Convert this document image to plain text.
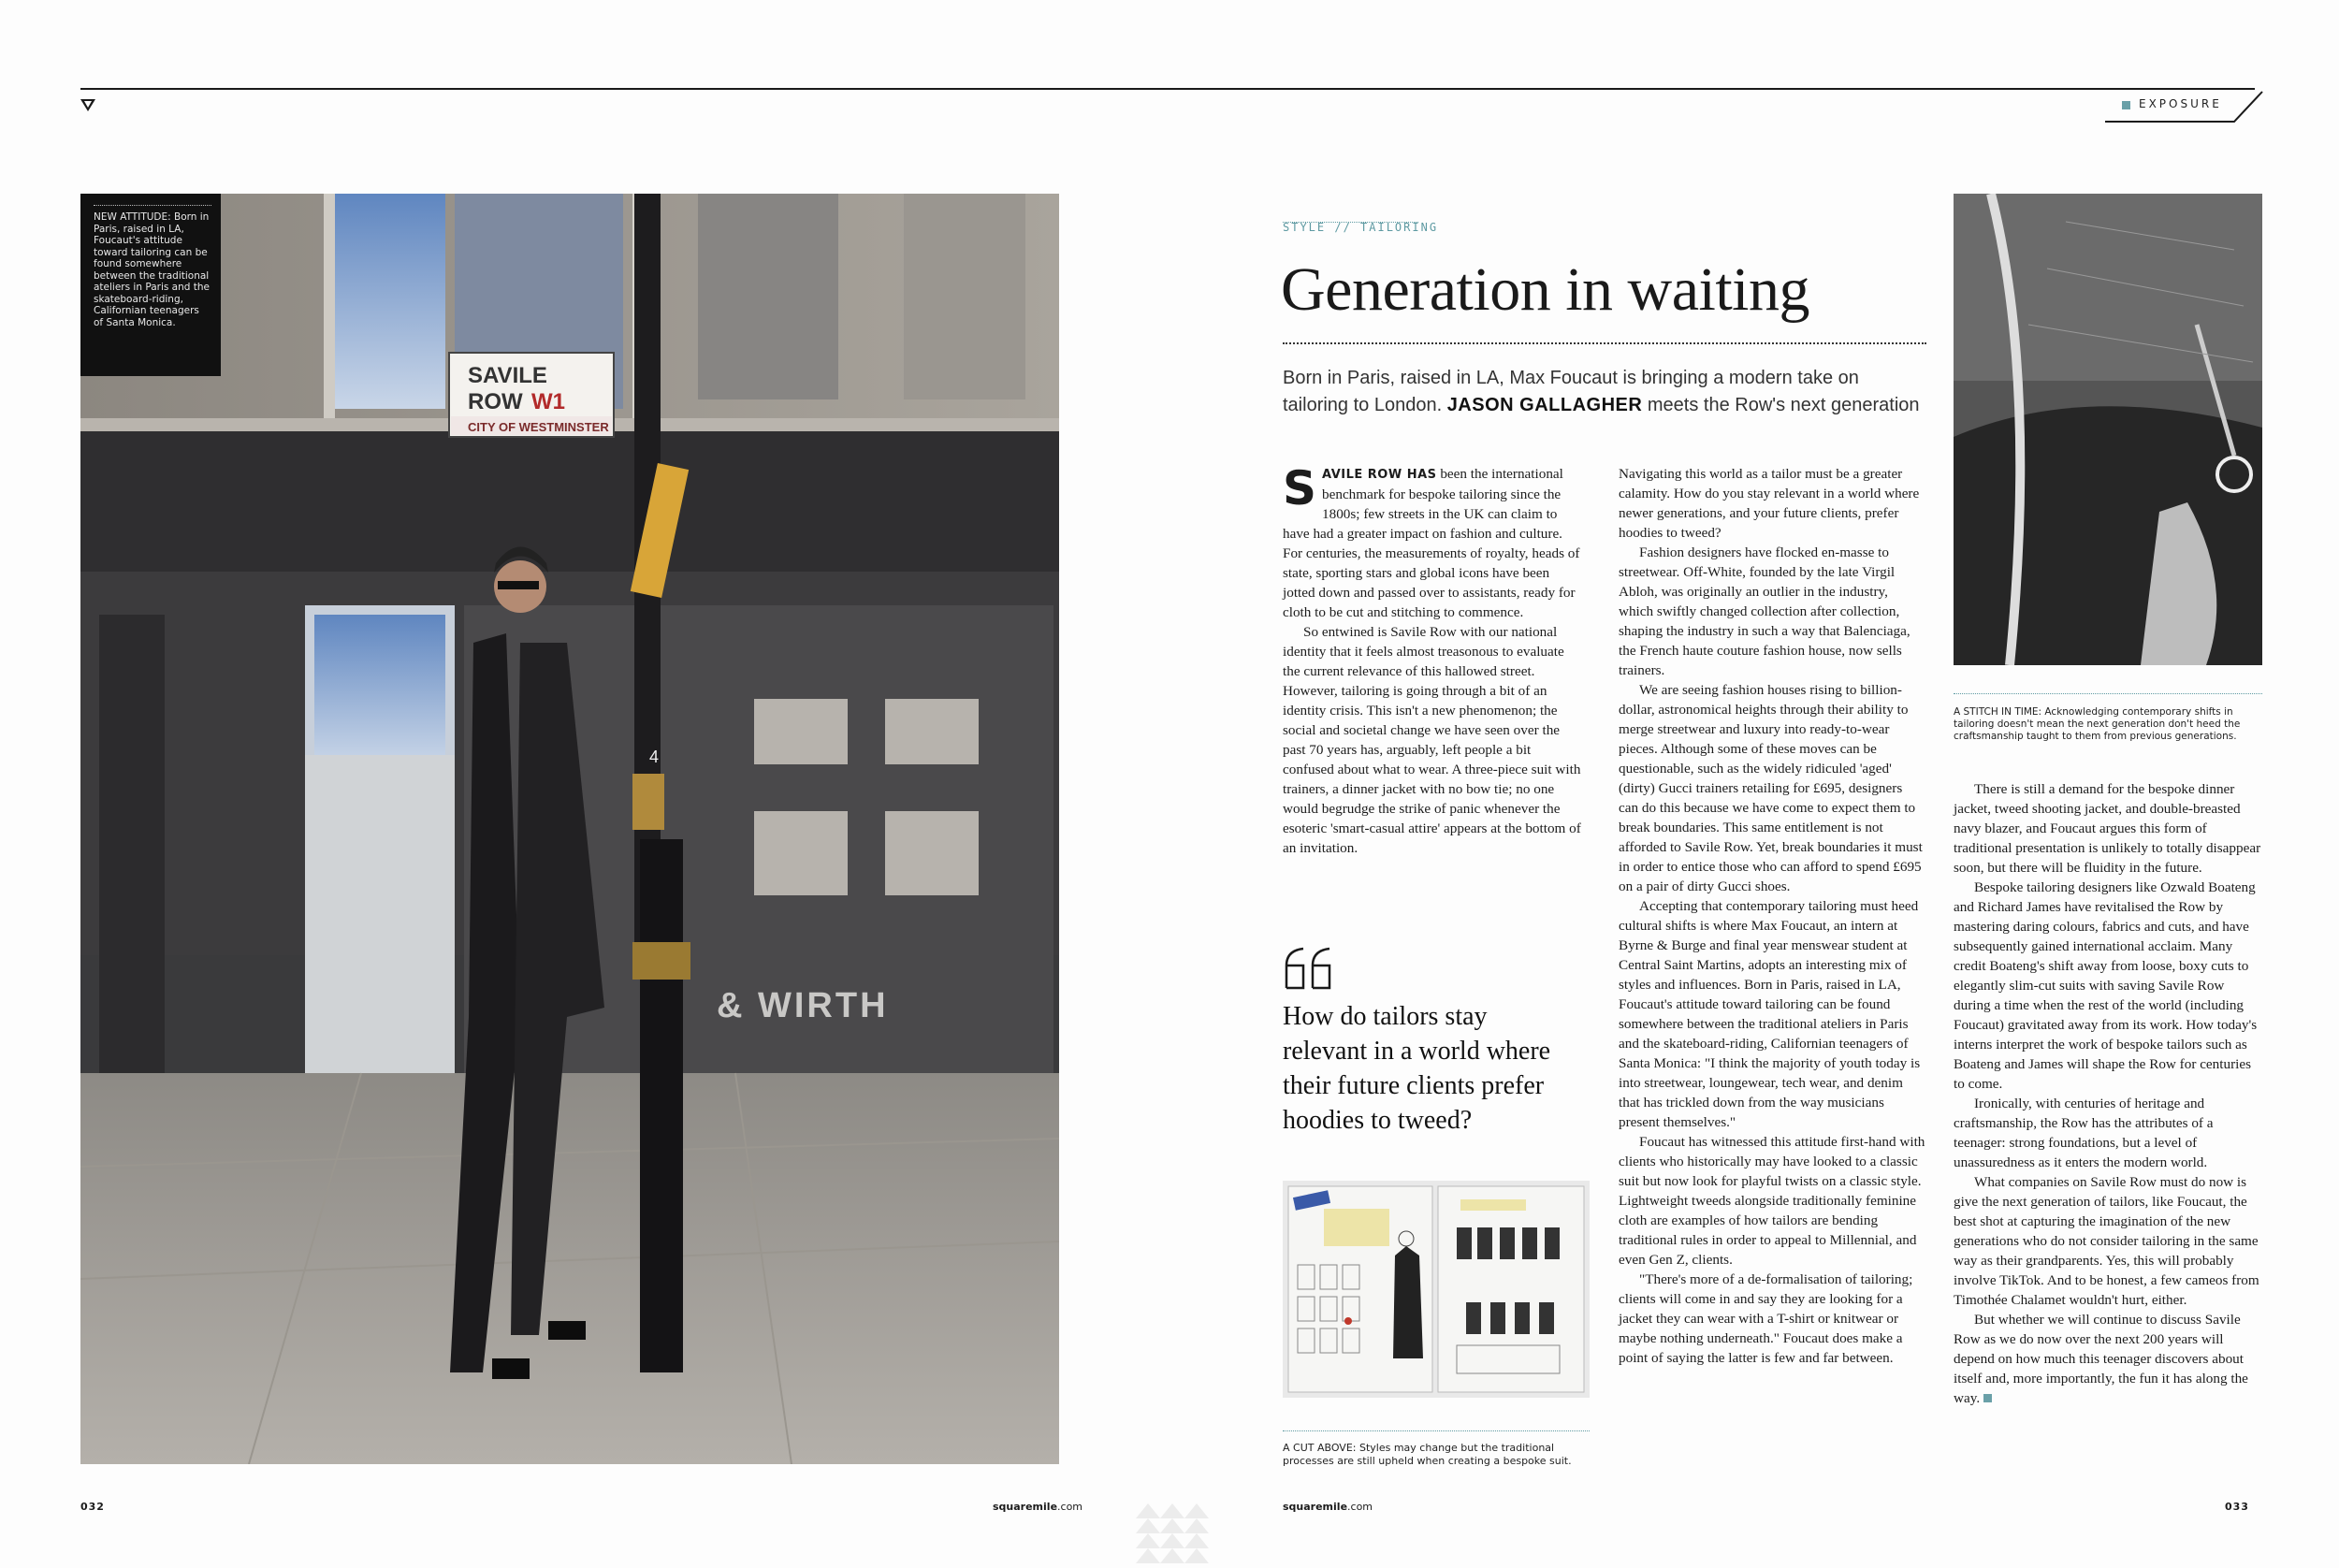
EXPOSURE
& WIRTH
4
SAVILE
ROW W1
CITY OF WESTMINSTER
NEW ATTITUDE: Born in Paris, raised in LA, Foucaut's attitude toward tailoring can be found somewhere between the traditional ateliers in Paris and the skateboard-riding, Californian teenagers of Santa Monica.
032	squaremile.com
STYLE // TAILORING
Generation in waiting
Born in Paris, raised in LA, Max Foucaut is bringing a modern take on tailoring to London. JASON GALLAGHER meets the Row's next generation

SAVILE ROW HAS been the international benchmark for bespoke tailoring since the 1800s; few streets in the UK can claim to have had a greater impact on fashion and culture. For centuries, the measurements of royalty, heads of state, sporting stars and global icons have been jotted down and passed over to assistants, ready for cloth to be cut and stitching to commence.

So entwined is Savile Row with our national identity that it feels almost treasonous to evaluate the current relevance of this hallowed street. However, tailoring is going through a bit of an identity crisis. This isn't a new phenomenon; the social and societal change we have seen over the past 70 years has, arguably, left people a bit confused about what to wear. A three-piece suit with trainers, a dinner jacket with no bow tie; no one would begrudge the strike of panic whenever the esoteric 'smart-casual attire' appears at the bottom of an invitation.

How do tailors stay relevant in a world where their future clients prefer hoodies to tweed?
A CUT ABOVE: Styles may change but the traditional processes are still upheld when creating a bespoke suit.

Navigating this world as a tailor must be a greater calamity. How do you stay relevant in a world where newer generations, and your future clients, prefer hoodies to tweed?

Fashion designers have flocked en-masse to streetwear. Off-White, founded by the late Virgil Abloh, was originally an outlier in the industry, which swiftly changed collection after collection, shaping the industry in such a way that Balenciaga, the French haute couture fashion house, now sells trainers.

We are seeing fashion houses rising to billion-dollar, astronomical heights through their ability to merge streetwear and luxury into ready-to-wear pieces. Although some of these moves can be questionable, such as the widely ridiculed 'aged' (dirty) Gucci trainers retailing for £695, designers can do this because we have come to expect them to break boundaries. This same entitlement is not afforded to Savile Row. Yet, break boundaries it must in order to entice those who can afford to spend £695 on a pair of dirty Gucci shoes.

Accepting that contemporary tailoring must heed cultural shifts is where Max Foucaut, an intern at Byrne & Burge and final year menswear student at Central Saint Martins, adopts an interesting mix of styles and influences. Born in Paris, raised in LA, Foucaut's attitude toward tailoring can be found somewhere between the traditional ateliers in Paris and the skateboard-riding, Californian teenagers of Santa Monica: "I think the majority of youth today is into streetwear, loungewear, tech wear, and denim that has trickled down from the way musicians present themselves."

Foucaut has witnessed this attitude first-hand with clients who historically may have looked to a classic suit but now look for playful twists on a classic style. Lightweight tweeds alongside traditionally feminine cloth are examples of how tailors are bending traditional rules in order to appeal to Millennial, and even Gen Z, clients.

"There's more of a de-formalisation of tailoring; clients will come in and say they are looking for a jacket they can wear with a T-shirt or knitwear or maybe nothing underneath." Foucaut does make a point of saying the latter is few and far between.

A STITCH IN TIME: Acknowledging contemporary shifts in tailoring doesn't mean the next generation don't heed the craftsmanship taught to them from previous generations.

There is still a demand for the bespoke dinner jacket, tweed shooting jacket, and double-breasted navy blazer, and Foucaut argues this form of traditional presentation is unlikely to totally disappear soon, but there will be fluidity in the future.

Bespoke tailoring designers like Ozwald Boateng and Richard James have revitalised the Row by mastering daring colours, fabrics and cuts, and have subsequently gained international acclaim. Many credit Boateng's shift away from loose, boxy cuts to elegantly slim-cut suits with saving Savile Row during a time when the rest of the world (including Foucaut) gravitated away from its work. How today's interns interpret the work of bespoke tailors such as Boateng and James will shape the Row for centuries to come.

Ironically, with centuries of heritage and craftsmanship, the Row has the attributes of a teenager: strong foundations, but a level of unassuredness as it enters the modern world.

What companies on Savile Row must do now is give the next generation of tailors, like Foucaut, the best shot at capturing the imagination of the new generations who do not consider tailoring in the same way as their grandparents. Yes, this will probably involve TikTok. And to be honest, a few cameos from Timothée Chalamet wouldn't hurt, either.

But whether we will continue to discuss Savile Row as we do now over the next 200 years will depend on how much this teenager discovers about itself and, more importantly, the fun it has along the way.

squaremile.com	033
